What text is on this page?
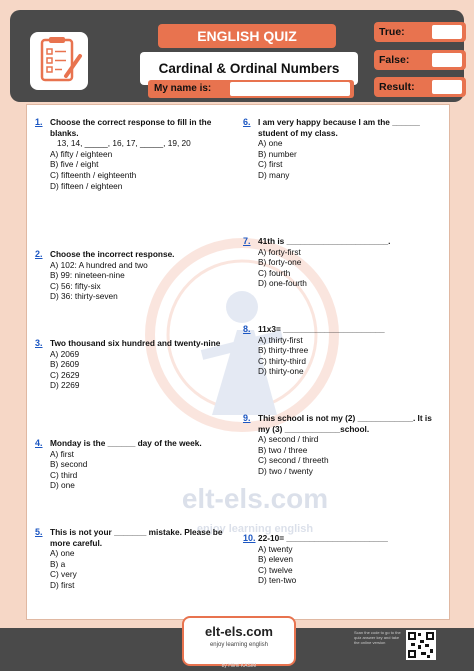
ENGLISH QUIZ
Cardinal & Ordinal Numbers
My name is:
True:
False:
Result:
elt-els.com
enjoy learning english
1. Choose the correct response to fill in the blanks.
13, 14, _____, 16, 17, _____, 19, 20
A) fifty / eighteen
B) five / eight
C) fifteenth / eighteenth
D) fifteen / eighteen
2. Choose the incorrect response.
A) 102: A hundred and two
B) 99: nineteen-nine
C) 56: fifty-six
D) 36: thirty-seven
3. Two thousand six hundred and twenty-nine
A) 2069
B) 2609
C) 2629
D) 2269
4. Monday is the ______ day of the week.
A) first
B) second
C) third
D) one
5. This is not your _______ mistake. Please be more careful.
A) one
B) a
C) very
D) first
6. I am very happy because I am the ______ student of my class.
A) one
B) number
C) first
D) many
7. 41th is ______________________.
A) forty-first
B) forty-one
C) fourth
D) one-fourth
8. 11x3= ______________________
A) thirty-first
B) thirty-three
C) thirty-third
D) thirty-one
9. This school is not my (2) ____________. It is my (3) ____________school.
A) second / third
B) two / three
C) second / threeth
D) two / twenty
10. 22-10= ______________________
A) twenty
B) eleven
C) twelve
D) ten-two
elt-els.com
enjoy learning english
by Hilmi KASIM
Scan the code to go to the quiz answer key and take the online version
